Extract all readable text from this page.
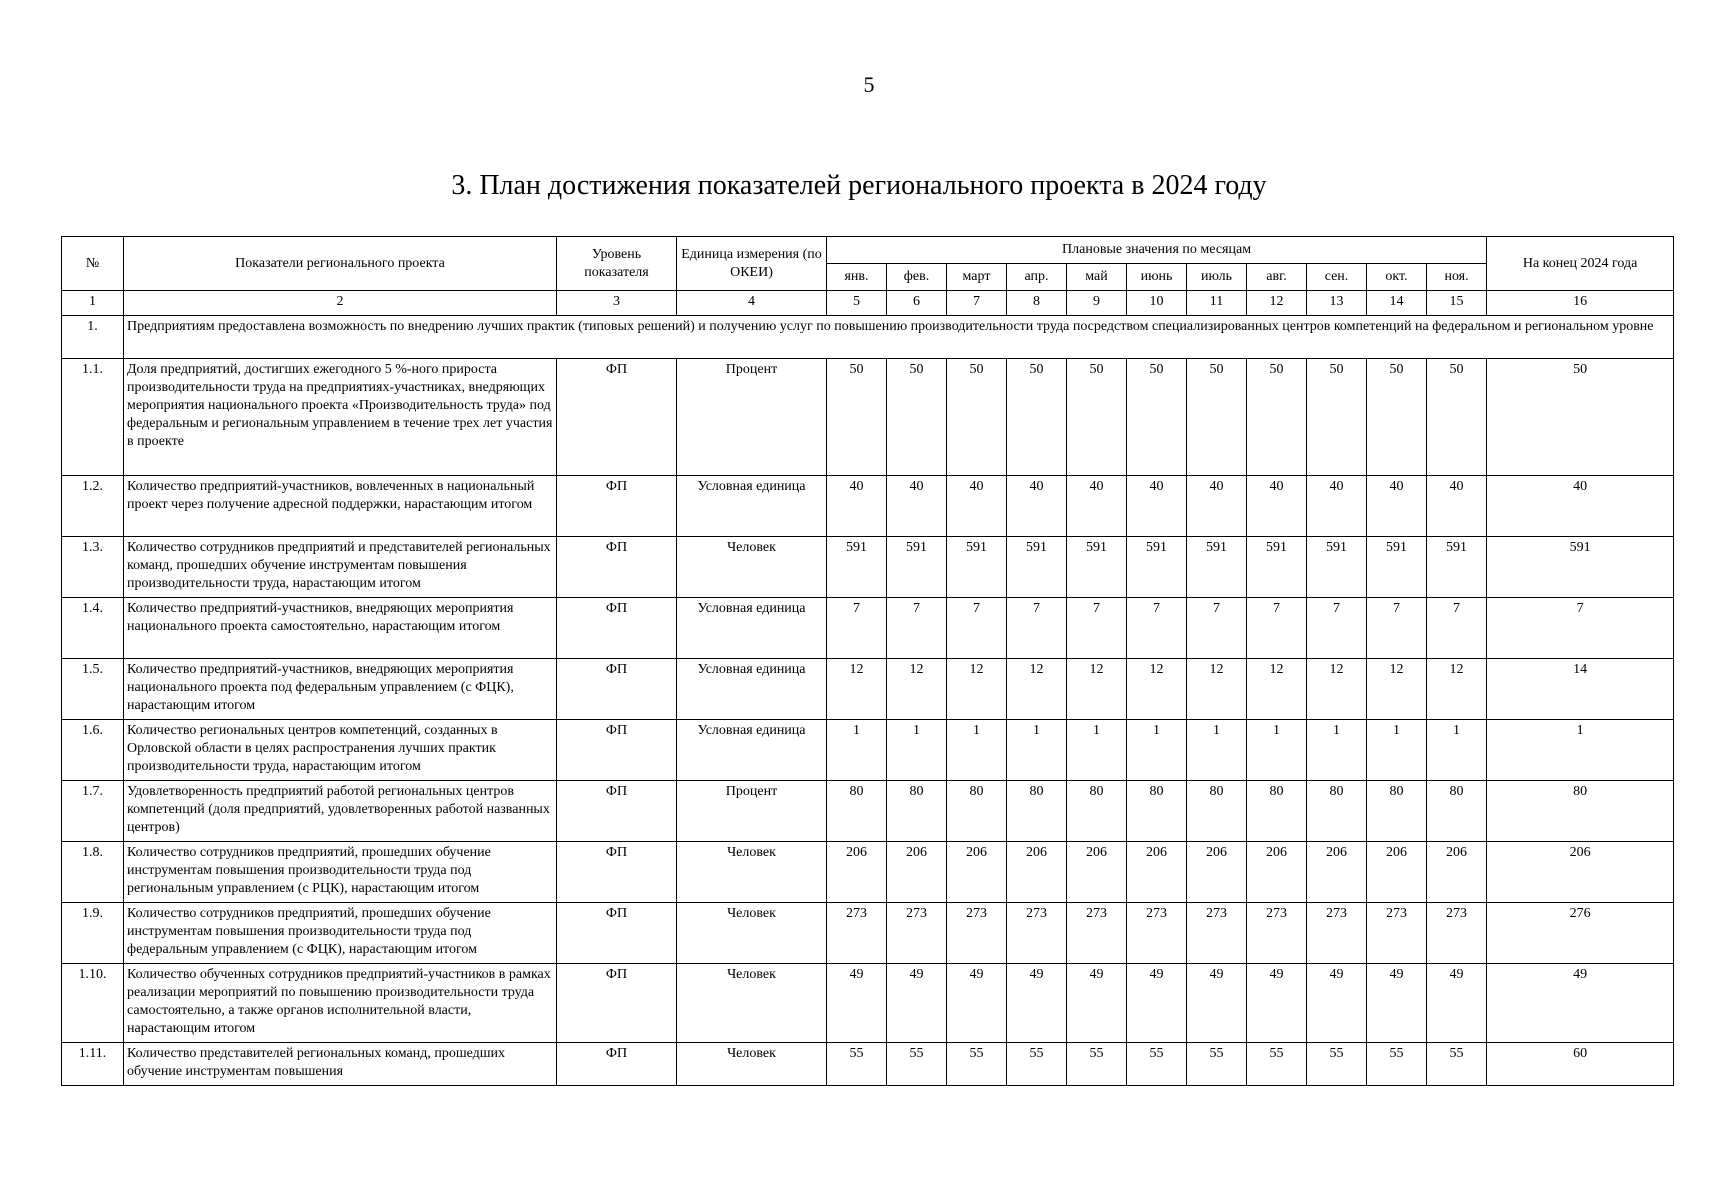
5
3. План достижения показателей регионального проекта в 2024 году
№	Показатели регионального проекта	Уровень показателя	Единица измерения (по ОКЕИ)	Плановые значения по месяцам											На конец 2024 года
				янв.	фев.	март	апр.	май	июнь	июль	авг.	сен.	окт.	ноя.	
1	2	3	4	5	6	7	8	9	10	11	12	13	14	15	16
1.	Предприятиям предоставлена возможность по внедрению лучших практик (типовых решений) и получению услуг по повышению производительности труда посредством специализированных центров компетенций на федеральном и региональном уровне														
1.1.	Доля предприятий, достигших ежегодного 5 %-ного прироста производительности труда на предприятиях-участниках, внедряющих мероприятия национального проекта «Производительность труда» под федеральным и региональным управлением в течение трех лет участия в проекте	ФП	Процент	50	50	50	50	50	50	50	50	50	50	50	50
1.2.	Количество предприятий-участников, вовлеченных в национальный проект через получение адресной поддержки, нарастающим итогом	ФП	Условная единица	40	40	40	40	40	40	40	40	40	40	40	40
1.3.	Количество сотрудников предприятий и представителей региональных команд, прошедших обучение инструментам повышения производительности труда, нарастающим итогом	ФП	Человек	591	591	591	591	591	591	591	591	591	591	591	591
1.4.	Количество предприятий-участников, внедряющих мероприятия национального проекта самостоятельно, нарастающим итогом	ФП	Условная единица	7	7	7	7	7	7	7	7	7	7	7	7
1.5.	Количество предприятий-участников, внедряющих мероприятия национального проекта под федеральным управлением (с ФЦК), нарастающим итогом	ФП	Условная единица	12	12	12	12	12	12	12	12	12	12	12	14
1.6.	Количество региональных центров компетенций, созданных в Орловской области в целях распространения лучших практик производительности труда, нарастающим итогом	ФП	Условная единица	1	1	1	1	1	1	1	1	1	1	1	1
1.7.	Удовлетворенность предприятий работой региональных центров компетенций (доля предприятий, удовлетворенных работой названных центров)	ФП	Процент	80	80	80	80	80	80	80	80	80	80	80	80
1.8.	Количество сотрудников предприятий, прошедших обучение инструментам повышения производительности труда под региональным управлением (с РЦК), нарастающим итогом	ФП	Человек	206	206	206	206	206	206	206	206	206	206	206	206
1.9.	Количество сотрудников предприятий, прошедших обучение инструментам повышения производительности труда под федеральным управлением (с ФЦК), нарастающим итогом	ФП	Человек	273	273	273	273	273	273	273	273	273	273	273	276
1.10.	Количество обученных сотрудников предприятий-участников в рамках реализации мероприятий по повышению производительности труда самостоятельно, а также органов исполнительной власти, нарастающим итогом	ФП	Человек	49	49	49	49	49	49	49	49	49	49	49	49
1.11.	Количество представителей региональных команд, прошедших обучение инструментам повышения	ФП	Человек	55	55	55	55	55	55	55	55	55	55	55	60
